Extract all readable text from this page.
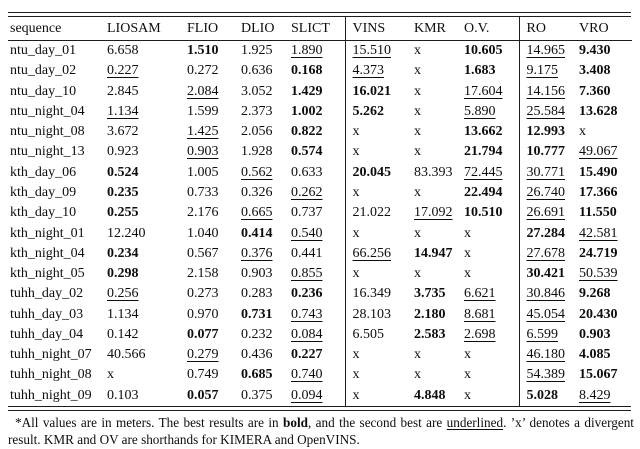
sequence	LIOSAM	FLIO	DLIO	SLICT	VINS	KMR	O.V.	RO	VRO
ntu_day_01	6.658	1.510	1.925	1.890	15.510	x	10.605	14.965	9.430
ntu_day_02	0.227	0.272	0.636	0.168	4.373	x	1.683	9.175	3.408
ntu_day_10	2.845	2.084	3.052	1.429	16.021	x	17.604	14.156	7.360
ntu_night_04	1.134	1.599	2.373	1.002	5.262	x	5.890	25.584	13.628
ntu_night_08	3.672	1.425	2.056	0.822	x	x	13.662	12.993	x
ntu_night_13	0.923	0.903	1.928	0.574	x	x	21.794	10.777	49.067
kth_day_06	0.524	1.005	0.562	0.633	20.045	83.393	72.445	30.771	15.490
kth_day_09	0.235	0.733	0.326	0.262	x	x	22.494	26.740	17.366
kth_day_10	0.255	2.176	0.665	0.737	21.022	17.092	10.510	26.691	11.550
kth_night_01	12.240	1.040	0.414	0.540	x	x	x	27.284	42.581
kth_night_04	0.234	0.567	0.376	0.441	66.256	14.947	x	27.678	24.719
kth_night_05	0.298	2.158	0.903	0.855	x	x	x	30.421	50.539
tuhh_day_02	0.256	0.273	0.283	0.236	16.349	3.735	6.621	30.846	9.268
tuhh_day_03	1.134	0.970	0.731	0.743	28.103	2.180	8.681	45.054	20.430
tuhh_day_04	0.142	0.077	0.232	0.084	6.505	2.583	2.698	6.599	0.903
tuhh_night_07	40.566	0.279	0.436	0.227	x	x	x	46.180	4.085
tuhh_night_08	x	0.749	0.685	0.740	x	x	x	54.389	15.067
tuhh_night_09	0.103	0.057	0.375	0.094	x	4.848	x	5.028	8.429
*All values are in meters. The best results are in bold, and the second best are underlined. ’x’ denotes a divergent result. KMR and OV are shorthands for KIMERA and OpenVINS.
